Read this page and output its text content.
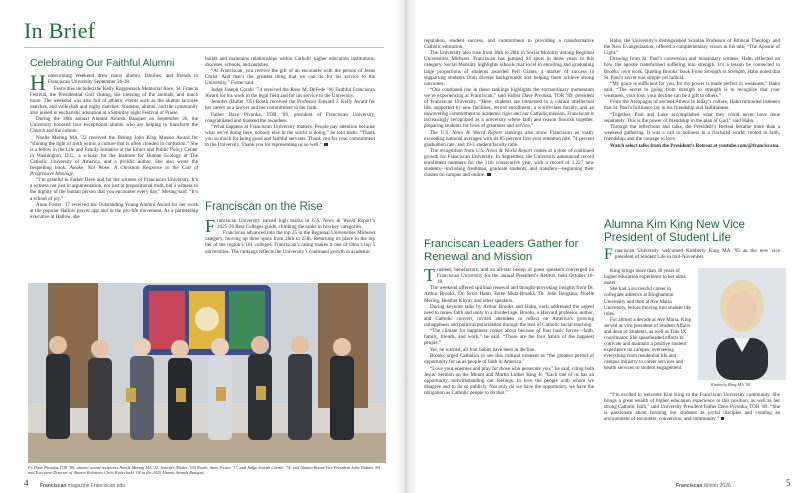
In Brief
Celebrating Our Faithful Alumni

Homecoming Weekend drew many alumni, families, and friends to Franciscan University September 26-28.

Festivities included the Kelly Roggensack Memorial Race, St. Francis Festival, the Presidential Golf Outing, the blessing of the animals, and much more. The weekend was also full of athletic events such as the alumni lacrosse matches, and volleyball and rugby matches. Students, alumni, and the community also joined in eucharistic adoration at a Saturday night Festival of Praise.

During the 36th annual Alumni Awards Banquet on September 26, the University honored four exceptional alumni who are helping to transform the Church and the culture.

Noelle Mering MA ’22 received the Bishop John King Mussio Award for “shining the light of truth within a culture that is often clouded in confusion.” She is a fellow in the Life and Family Initiative at the Ethics and Public Policy Center in Washington, D.C., a scholar for the Institute for Human Ecology at The Catholic University of America, and a prolific author. She also wrote the bestselling book, Awake, Not Woke: A Christian Response to the Cult of Progressive Ideology.

“I’m grateful to Father Dave and for the witness of Franciscan University. It’s a witness not just in argumentation, not just in propositional truth, but a witness to the dignity of the human person that you encounter every day,” Mering said. “It’s a school of joy.”

Anne Foster ’17 received the Outstanding Young Alumni Award for her work at the popular Hallow prayer app and in the pro-life movement. As a partnership executive at Hallow, she

builds and maintains relationships within Catholic higher education institutions, dioceses, schools, and parishes.

“At Franciscan, you receive the gift of an encounter with the person of Jesus Christ. And that’s the greatest thing that we can do for his service to the University,” Foster said.

Judge Joseph Corabi ’74 received the Rose M. DeFede ’66 Faithful Franciscan Award for his work in the legal field and for his service to the University.

Jennifer (Butler ’05) Routh received the Professor Edward J. Kelly Award for her career as a lawyer and her commitment to her faith.

Father Dave Pivonka, TOR ’89, president of Franciscan University, congratulated and thanked the awardees.

“What happens at Franciscan University matters. People pay attention because what we’re doing here, nobody else in the world is doing,” he told them. “Thank you so much for being good and faithful servants. Thank you for your commitment to the University. Thank you for representing us so well.”

Franciscan on the Rise

Franciscan University earned high marks in U.S. News & World Report’s 2025-26 Best Colleges guide, climbing the ranks in two key categories.

Franciscan advanced into the top 25 in the Regional Universities Midwest category, moving up three spots from 28th to 25th. Returning its place in the top tier of the region’s 161 colleges, Franciscan’s rating makes it one of Ohio’s top 5 universities. The rankings reflects the University’s continued growth in academic

Fr. Dave Pivonka,TOR ’89; alumni award recipients Noelle Mering MA ’22, Jennifer (Butler ’05) Routh, Anne Foster ’17, and Judge Joseph Corabi ’74; and Alumni Board Vice President John Dubois ’84 and Executive Director of Alumni Relations Chris Kmiecinski ’04 at the 2025 Alumni Awards Banquet.
4 Franciscan magazine Franciscan.edu

reputation, student success, and commitment to providing a transformative Catholic education.

The University also rose from 36th to 28th in Social Mobility among Regional Universities Midwest. Franciscan has jumped 64 spots in three years in this category. Social Mobility highlights schools that excel in enrolling and graduating large proportions of students awarded Pell Grants, a marker of success in supporting students from diverse backgrounds and helping them achieve strong outcomes.

“Our continued rise in these rankings highlights the extraordinary momentum we’re experiencing at Franciscan,” said Father Dave Pivonka, TOR ’89, president of Franciscan University. “Here, students are immersed in a vibrant intellectual life, supported by new facilities, record enrollment, a world-class faculty, and an unwavering commitment to academic rigor and our Catholic mission. Franciscan is increasingly recognized as a university where faith and reason flourish together, preparing students for lives of greatness and service.”

The U.S. News & World Report rankings also show Franciscan as vastly exceeding national averages with its 85 percent first-year retention rate, 74 percent graduation rate, and 19-1 student/faculty ratio.

The recognition from U.S. News & World Report comes at a time of continued growth for Franciscan University. In September, the University announced record enrollment numbers for the 11th consecutive year, with a record of 1,227 new students—including freshmen, graduate students, and transfers—beginning their classes on campus and online.

Franciscan Leaders Gather for Renewal and Mission

Trustees, benefactors, and an all-star lineup of guest speakers converged on Franciscan University for the annual President’s Retreat, held October 16-18.

The weekend offered spiritual renewal and thought-provoking insights from Dr. Arthur Brooks, Dr. Scott Hahn, Estee Mutz-Brooks, Dr. John Bergsma, Noelle Mering, Heather Khym, and other speakers.

During keynote talks by Arthur Brooks and Hahn, each addressed the urgent need to renew faith and unity in a divided age. Brooks, a Harvard professor, author, and Catholic convert, invited attendees to reflect on America’s growing unhappiness and political polarization through the lens of Catholic social teaching.

“The climate for happiness comes about because of four basic forces—faith, family, friends, and work,” he said. “Those are the four habits of the happiest people.”

Yet, he warned, all four habits have been in decline.

Brooks urged Catholics to see this cultural moment as “the greatest period of opportunity for us as people of faith in America.”

“Love your enemies and pray for those who persecute you,” he said, citing both Jesus’ Sermon on the Mount and Martin Luther King Jr. “Each one of us has an opportunity, notwithstanding our feelings, to love the people with whom we disagree and to do so publicly. Not only do we have the opportunity, we have the obligation as Catholic people to do that.”

Hahn, the University’s distinguished Scanlan Professor of Biblical Theology and the New Evangelization, offered a complementary vision in his talk, “The Apostle of Light.”

Drawing from St. Paul’s conversion and missionary witness, Hahn reflected on how the apostle transformed suffering into strength. It’s a lesson he connected to Brooks’ own work. Quoting Brooks’ book From Strength to Strength, Hahn noted that St. Paul’s secret was simple yet radical.

“My grace is sufficient for you, for my power is made perfect in weakness,” Hahn said. “The secret to going from strength to strength is to recognize that your weakness, your loss, your decline can be a gift to others.”

From the Areopagus of ancient Athens to today’s culture, Hahn reminded listeners that St. Paul’s brilliance lay in his friendship and faithfulness.

“Together, Paul and Luke accomplished what they could never have done separately. This is the power of friendship in the plan of God,” said Hahn.

Through the reflections and talks, the President’s Retreat became more than a weekend gathering. It was a call to holiness in a fractured world, rooted in faith, friendship, and the courage to love.

Watch select talks from the President’s Retreat at youtube.com/@franciscanu.

Alumna Kim King New Vice President of Student Life

Franciscan University welcomed Kimberly King MA ’95 as the new vice president of Student Life in mid-November.

King brings more than 30 years of higher education experience to her alma mater.

She had a successful career in collegiate athletics at Binghamton University and then at Ave Maria University, before moving into student life roles.

For almost a decade at Ave Maria, King served as vice president of Student Affairs and dean of Students, as well as Title IX coordinator. She spearheaded efforts to cultivate and maintain a positive student experience on campus, overseeing everything from residential life and campus ministry to career services and health services to student engagement.

Kimberly King MA ’95

“I’m excited to welcome Kim King to the Franciscan University community. She brings a great wealth of higher education experience to this position, as well as her strong Catholic faith,” said University President Father Dave Pivonka, TOR ’89. “She is passionate about forming our students as joyful disciples and creating an environment of encounter, conversion, and community.”

Franciscan Winter 2026	5
